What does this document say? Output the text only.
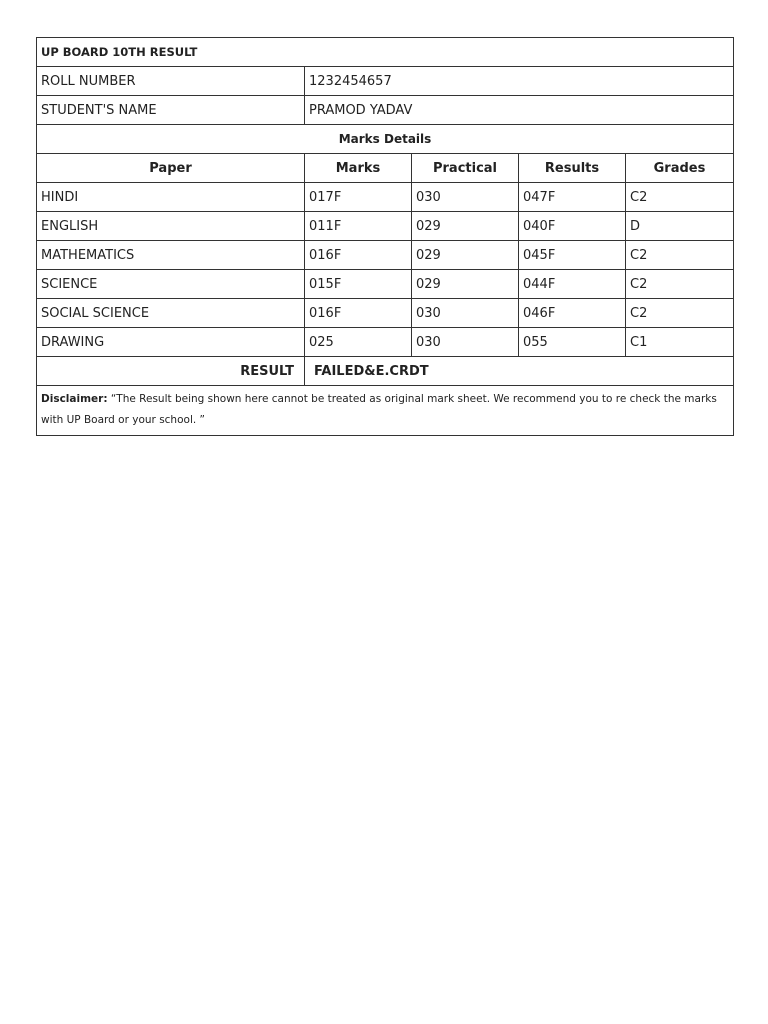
UP BOARD 10TH RESULT				
ROLL NUMBER	1232454657			
STUDENT'S NAME	PRAMOD YADAV			
Marks Details				
Paper	Marks	Practical	Results	Grades
HINDI	017F	030	047F	C2
ENGLISH	011F	029	040F	D
MATHEMATICS	016F	029	045F	C2
SCIENCE	015F	029	044F	C2
SOCIAL SCIENCE	016F	030	046F	C2
DRAWING	025	030	055	C1
RESULT	FAILED&E.CRDT			
Disclaimer: “The Result being shown here cannot be treated as original mark sheet. We recommend you to re check the marks with UP Board or your school. ”				
